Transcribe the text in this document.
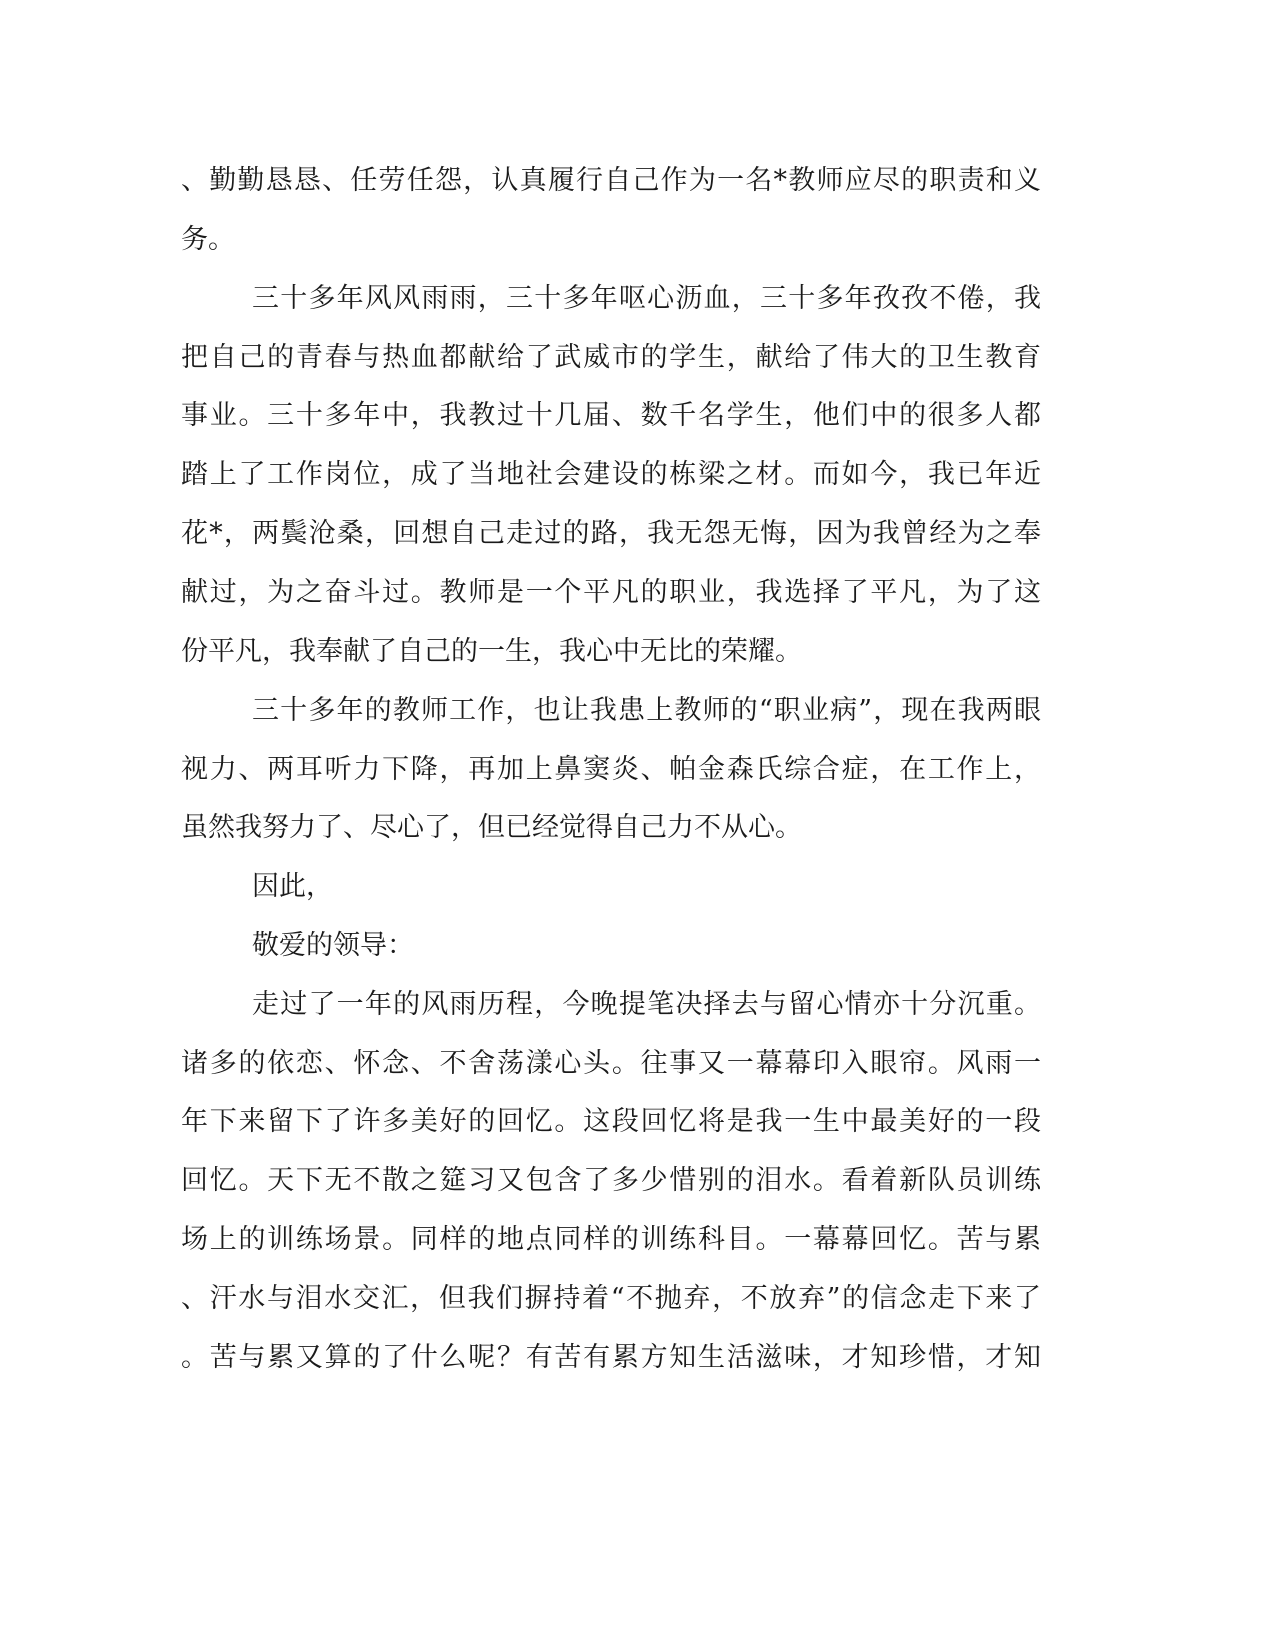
、勤勤恳恳、任劳任怨，认真履行自己作为一名*教师应尽的职责和义
务。
三十多年风风雨雨，三十多年呕心沥血，三十多年孜孜不倦，我
把自己的青春与热血都献给了武威市的学生，献给了伟大的卫生教育
事业。三十多年中，我教过十几届、数千名学生，他们中的很多人都
踏上了工作岗位，成了当地社会建设的栋梁之材。而如今，我已年近
花*，两鬓沧桑，回想自己走过的路，我无怨无悔，因为我曾经为之奉
献过，为之奋斗过。教师是一个平凡的职业，我选择了平凡，为了这
份平凡，我奉献了自己的一生，我心中无比的荣耀。
三十多年的教师工作，也让我患上教师的“职业病”，现在我两眼
视力、两耳听力下降，再加上鼻窦炎、帕金森氏综合症，在工作上，
虽然我努力了、尽心了，但已经觉得自己力不从心。
因此，
敬爱的领导：
走过了一年的风雨历程，今晚提笔决择去与留心情亦十分沉重。
诸多的依恋、怀念、不舍荡漾心头。往事又一幕幕印入眼帘。风雨一
年下来留下了许多美好的回忆。这段回忆将是我一生中最美好的一段
回忆。天下无不散之筵习又包含了多少惜别的泪水。看着新队员训练
场上的训练场景。同样的地点同样的训练科目。一幕幕回忆。苦与累
、汗水与泪水交汇，但我们摒持着“不抛弃，不放弃”的信念走下来了
。苦与累又算的了什么呢？有苦有累方知生活滋味，才知珍惜，才知
